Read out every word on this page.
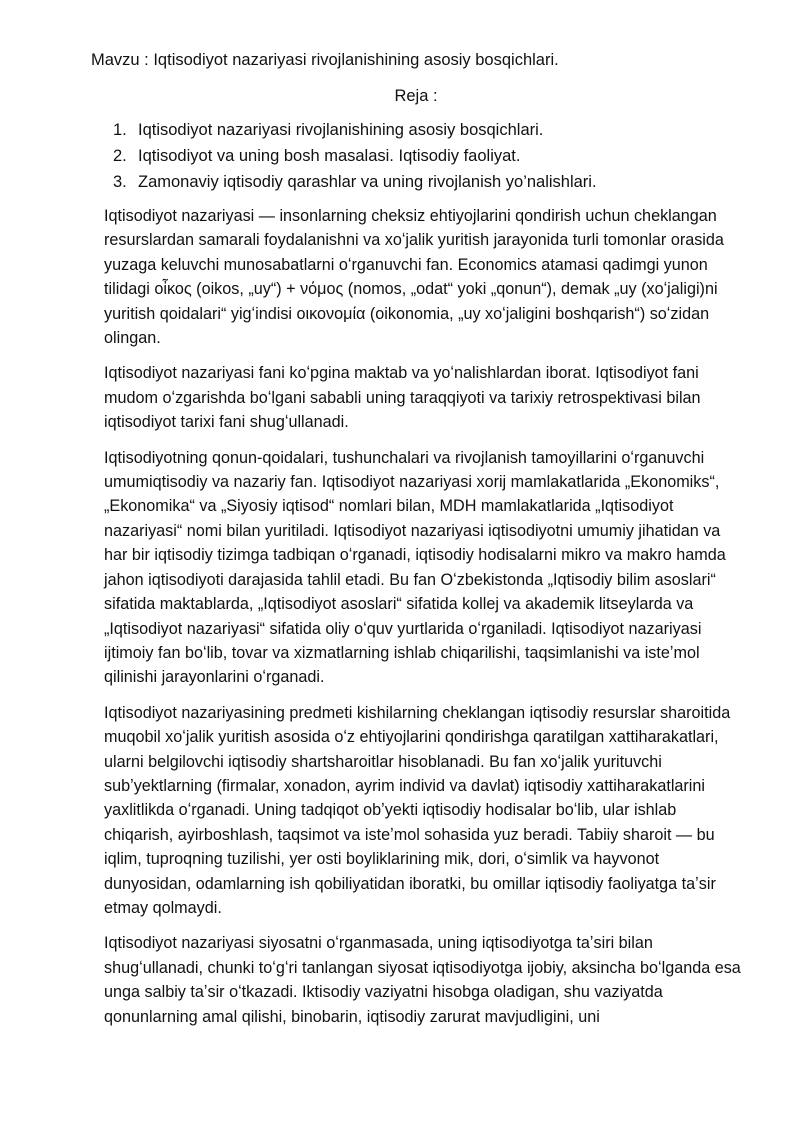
Mavzu : Iqtisodiyot nazariyasi rivojlanishining asosiy bosqichlari.
Reja :
1. Iqtisodiyot nazariyasi rivojlanishining asosiy bosqichlari.
2. Iqtisodiyot va uning bosh masalasi. Iqtisodiy faoliyat.
3. Zamonaviy iqtisodiy qarashlar va uning rivojlanish yo’nalishlari.

Iqtisodiyot nazariyasi — insonlarning cheksiz ehtiyojlarini qondirish uchun cheklangan resurslardan samarali foydalanishni va xoʻjalik yuritish jarayonida turli tomonlar orasida yuzaga keluvchi munosabatlarni oʻrganuvchi fan. Economics atamasi qadimgi yunon tilidagi οἶκος (oikos, „uy“) + νόμος (nomos, „odat“ yoki „qonun“), demak „uy (xoʻjaligi)ni yuritish qoidalari“ yigʻindisi οικονομία (oikonomia, „uy xoʻjaligini boshqarish“) soʻzidan olingan.

Iqtisodiyot nazariyasi fani koʻpgina maktab va yoʻnalishlardan iborat. Iqtisodiyot fani mudom oʻzgarishda boʻlgani sababli uning taraqqiyoti va tarixiy retrospektivasi bilan iqtisodiyot tarixi fani shugʻullanadi.

Iqtisodiyotning qonun-qoidalari, tushunchalari va rivojlanish tamoyillarini oʻrganuvchi umumiqtisodiy va nazariy fan. Iqtisodiyot nazariyasi xorij mamlakatlarida „Ekonomiks“, „Ekonomika“ va „Siyosiy iqtisod“ nomlari bilan, MDH mamlakatlarida „Iqtisodiyot nazariyasi“ nomi bilan yuritiladi. Iqtisodiyot nazariyasi iqtisodiyotni umumiy jihatidan va har bir iqtisodiy tizimga tadbiqan oʻrganadi, iqtisodiy hodisalarni mikro va makro hamda jahon iqtisodiyoti darajasida tahlil etadi. Bu fan Oʻzbekistonda „Iqtisodiy bilim asoslari“ sifatida maktablarda, „Iqtisodiyot asoslari“ sifatida kollej va akademik litseylarda va „Iqtisodiyot nazariyasi“ sifatida oliy oʻquv yurtlarida oʻrganiladi. Iqtisodiyot nazariyasi ijtimoiy fan boʻlib, tovar va xizmatlarning ishlab chiqarilishi, taqsimlanishi va isteʼmol qilinishi jarayonlarini oʻrganadi.

Iqtisodiyot nazariyasining predmeti kishilarning cheklangan iqtisodiy resurslar sharoitida muqobil xoʻjalik yuritish asosida oʻz ehtiyojlarini qondirishga qaratilgan xattiharakatlari, ularni belgilovchi iqtisodiy shartsharoitlar hisoblanadi. Bu fan xoʻjalik yurituvchi subʼyektlarning (firmalar, xonadon, ayrim individ va davlat) iqtisodiy xattiharakatlarini yaxlitlikda oʻrganadi. Uning tadqiqot obʼyekti iqtisodiy hodisalar boʻlib, ular ishlab chiqarish, ayirboshlash, taqsimot va isteʼmol sohasida yuz beradi. Tabiiy sharoit — bu iqlim, tuproqning tuzilishi, yer osti boyliklarining mik, dori, oʻsimlik va hayvonot dunyosidan, odamlarning ish qobiliyatidan iboratki, bu omillar iqtisodiy faoliyatga taʼsir etmay qolmaydi.

Iqtisodiyot nazariyasi siyosatni oʻrganmasada, uning iqtisodiyotga taʼsiri bilan shugʻullanadi, chunki toʻgʻri tanlangan siyosat iqtisodiyotga ijobiy, aksincha boʻlganda esa unga salbiy taʼsir oʻtkazadi. Iktisodiy vaziyatni hisobga oladigan, shu vaziyatda qonunlarning amal qilishi, binobarin, iqtisodiy zarurat mavjudligini, uni
